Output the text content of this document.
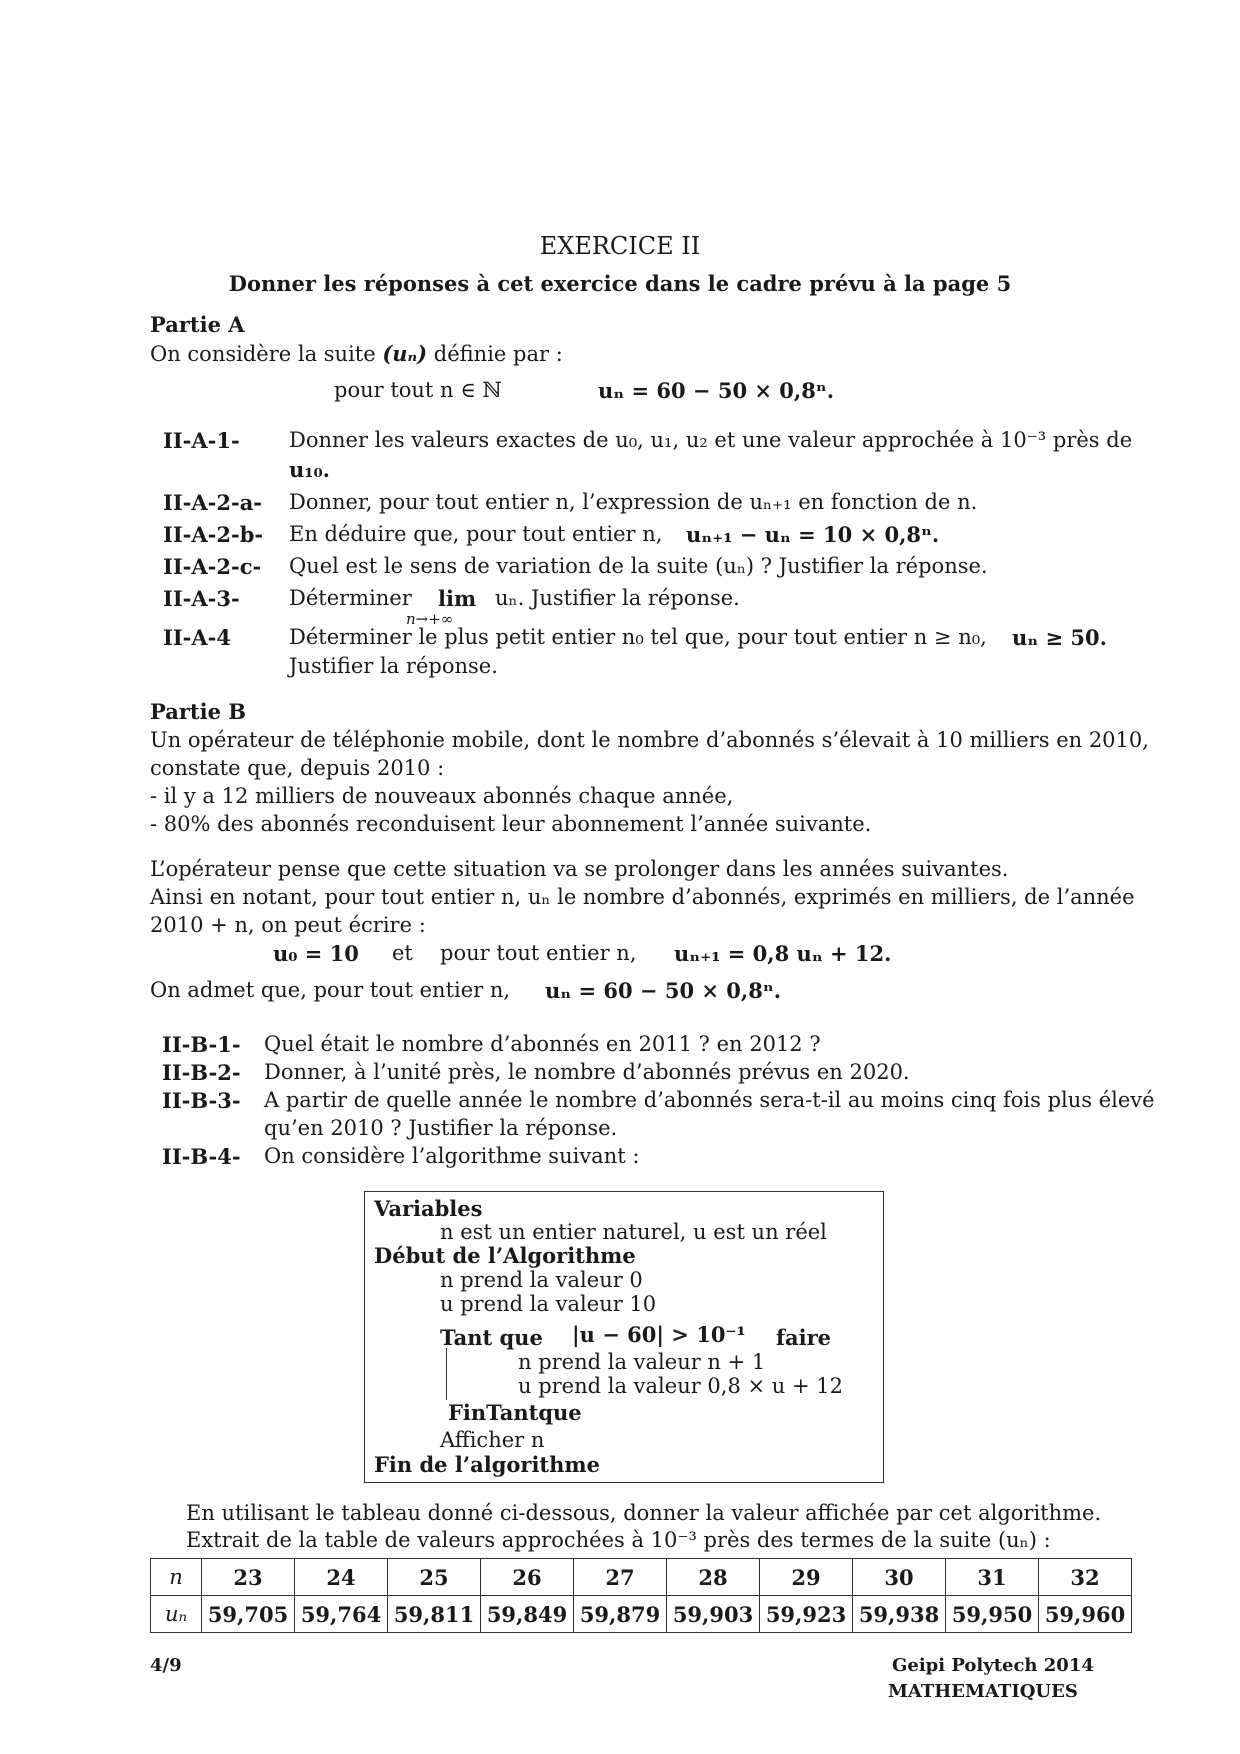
EXERCICE II
Donner les réponses à cet exercice dans le cadre prévu à la page 5
Partie A
On considère la suite (uₙ) définie par :
pour tout n ∈ ℕ	uₙ = 60 − 50 × 0,8ⁿ.
II-A-1- Donner les valeurs exactes de u₀, u₁, u₂ et une valeur approchée à 10⁻³ près de
u₁₀.
II-A-2-a- Donner, pour tout entier n, l’expression de uₙ₊₁ en fonction de n.
II-A-2-b- En déduire que, pour tout entier n, uₙ₊₁ − uₙ = 10 × 0,8ⁿ.
II-A-2-c- Quel est le sens de variation de la suite (uₙ) ? Justifier la réponse.
II-A-3- Déterminer lim
n→+∞
uₙ. Justifier la réponse.
II-A-4	Déterminer le plus petit entier n₀ tel que, pour tout entier n ≥ n₀, uₙ ≥ 50.
Justifier la réponse.
Partie B
Un opérateur de téléphonie mobile, dont le nombre d’abonnés s’élevait à 10 milliers en 2010,
constate que, depuis 2010 :
- il y a 12 milliers de nouveaux abonnés chaque année,
- 80% des abonnés reconduisent leur abonnement l’année suivante.
L’opérateur pense que cette situation va se prolonger dans les années suivantes.
Ainsi en notant, pour tout entier n, uₙ le nombre d’abonnés, exprimés en milliers, de l’année
2010 + n, on peut écrire :
u₀ = 10 et pour tout entier n, uₙ₊₁ = 0,8 uₙ + 12.
On admet que, pour tout entier n, uₙ = 60 − 50 × 0,8ⁿ.
II-B-1- Quel était le nombre d’abonnés en 2011 ? en 2012 ?
II-B-2- Donner, à l’unité près, le nombre d’abonnés prévus en 2020.
II-B-3- A partir de quelle année le nombre d’abonnés sera-t-il au moins cinq fois plus élevé
qu’en 2010 ? Justifier la réponse.
II-B-4- On considère l’algorithme suivant :
Variables
n est un entier naturel, u est un réel
Début de l’Algorithme
n prend la valeur 0
u prend la valeur 10
Tant que |u − 60| > 10⁻¹ faire
n prend la valeur n + 1
u prend la valeur 0,8 × u + 12
FinTantque
Afficher n
Fin de l’algorithme
En utilisant le tableau donné ci-dessous, donner la valeur affichée par cet algorithme.
Extrait de la table de valeurs approchées à 10⁻³ près des termes de la suite (uₙ) :
n	23	24	25	26	27	28	29	30	31	32
uₙ	59,705	59,764	59,811	59,849	59,879	59,903	59,923	59,938	59,950	59,960
4/9	Geipi Polytech 2014
MATHEMATIQUES
